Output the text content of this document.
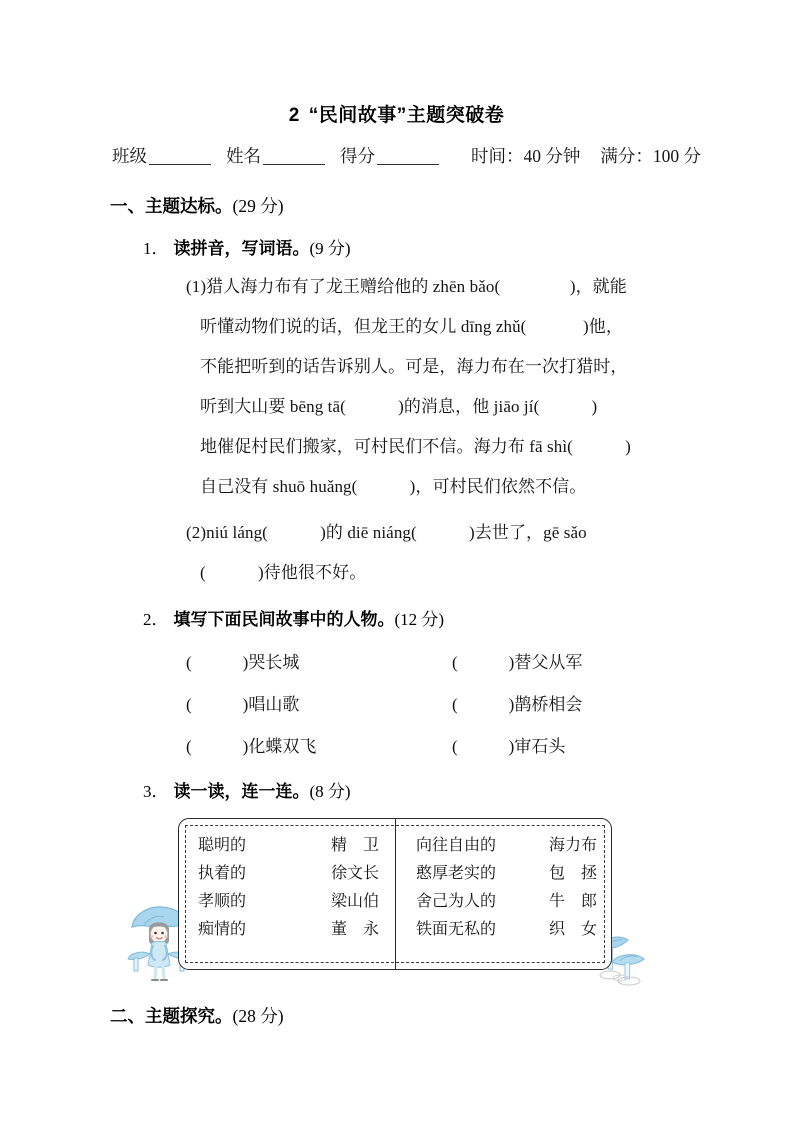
2 “民间故事”主题突破卷
班级	姓名	得分	时间：40 分钟 满分：100 分
一、主题达标。(29 分)
1． 读拼音，写词语。(9 分)
(1)猎人海力布有了龙王赠给他的 zhēn bǎo(                )，就能
听懂动物们说的话，但龙王的女儿 dīng zhǔ(             )他，
不能把听到的话告诉别人。可是，海力布在一次打猎时，
听到大山要 bēng tā(            )的消息，他 jiāo jí(            )
地催促村民们搬家，可村民们不信。海力布 fā shì(            )
自己没有 shuō huǎng(            )，可村民们依然不信。
(2)niú láng(            )的 diē niáng(            )去世了，gē sǎo
(            )待他很不好。
2． 填写下面民间故事中的人物。(12 分)
(            )哭长城	(            )替父从军
(            )唱山歌	(            )鹊桥相会
(            )化蝶双飞	(            )审石头
3． 读一读，连一连。(8 分)
聪明的	精　卫
执着的	徐文长
孝顺的	梁山伯
痴情的	董　永
向往自由的	海力布
憨厚老实的	包　拯
舍己为人的	牛　郎
铁面无私的	织　女
二、主题探究。(28 分)
